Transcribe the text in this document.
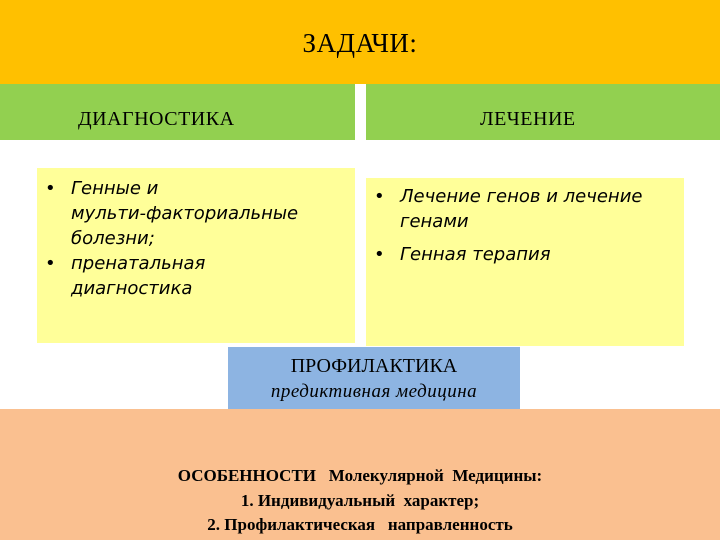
ЗАДАЧИ:
ДИАГНОСТИКА	ЛЕЧЕНИЕ
• Генные и
мульти-факториальные
болезни;
• пренатальная
диагностика
• Лечение генов и лечение
генами
• Генная терапия
ОСОБЕННОСТИ   Молекулярной  Медицины:
1. Индивидуальный  характер;
2. Профилактическая   направленность
ПРОФИЛАКТИКА
предиктивная медицина
